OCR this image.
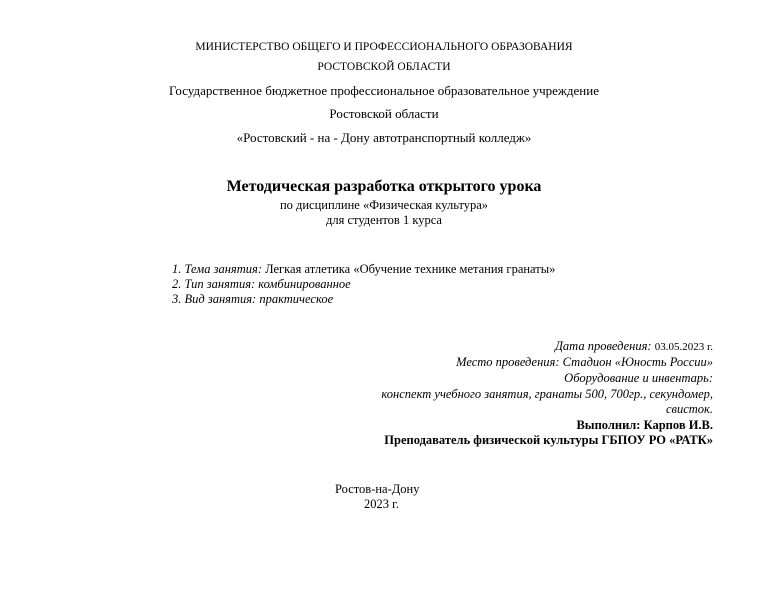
МИНИСТЕРСТВО ОБЩЕГО И ПРОФЕССИОНАЛЬНОГО ОБРАЗОВАНИЯ
РОСТОВСКОЙ ОБЛАСТИ
Государственное бюджетное профессиональное образовательное учреждение
Ростовской области
«Ростовский - на - Дону автотранспортный колледж»
Методическая разработка открытого урока
по дисциплине «Физическая культура»
для студентов 1 курса
1. Тема занятия: Легкая атлетика «Обучение технике метания гранаты»
2. Тип занятия: комбинированное
3. Вид занятия: практическое
Дата проведения: 03.05.2023 г.
Место проведения: Стадион «Юность России»
Оборудование и инвентарь:
конспект учебного занятия, гранаты 500, 700гр., секундомер,
свисток.
Выполнил: Карпов И.В.
Преподаватель физической культуры ГБПОУ РО «РАТК»
Ростов-на-Дону
2023 г.
